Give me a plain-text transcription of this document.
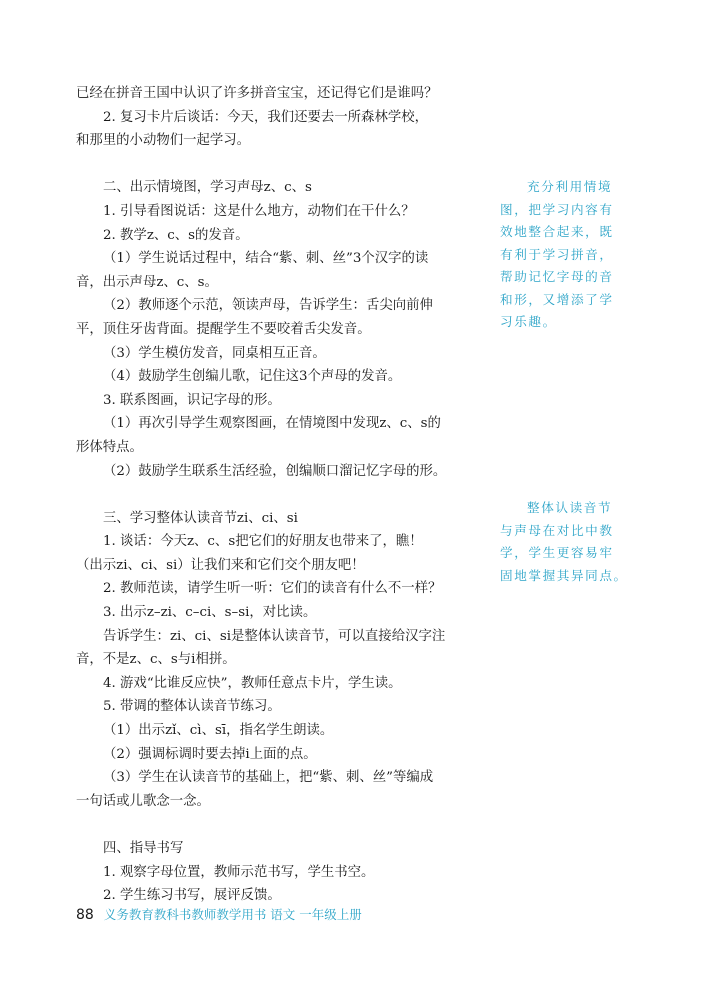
已经在拼音王国中认识了许多拼音宝宝，还记得它们是谁吗？

2. 复习卡片后谈话：今天，我们还要去一所森林学校，

和那里的小动物们一起学习。

二、出示情境图，学习声母z、c、s

1. 引导看图说话：这是什么地方，动物们在干什么？

2. 教学z、c、s的发音。

（1）学生说话过程中，结合“紫、刺、丝”3个汉字的读

音，出示声母z、c、s。

（2）教师逐个示范，领读声母，告诉学生：舌尖向前伸

平，顶住牙齿背面。提醒学生不要咬着舌尖发音。

（3）学生模仿发音，同桌相互正音。

（4）鼓励学生创编儿歌，记住这3个声母的发音。

3. 联系图画，识记字母的形。

（1）再次引导学生观察图画，在情境图中发现z、c、s的

形体特点。

（2）鼓励学生联系生活经验，创编顺口溜记忆字母的形。

三、学习整体认读音节zi、ci、si

1. 谈话：今天z、c、s把它们的好朋友也带来了，瞧！

（出示zi、ci、si）让我们来和它们交个朋友吧！

2. 教师范读，请学生听一听：它们的读音有什么不一样？

3. 出示z–zi、c–ci、s–si，对比读。

告诉学生：zi、ci、si是整体认读音节，可以直接给汉字注

音，不是z、c、s与i相拼。

4. 游戏“比谁反应快”，教师任意点卡片，学生读。

5. 带调的整体认读音节练习。

（1）出示zǐ、cì、sī，指名学生朗读。

（2）强调标调时要去掉i上面的点。

（3）学生在认读音节的基础上，把“紫、刺、丝”等编成

一句话或儿歌念一念。

四、指导书写

1. 观察字母位置，教师示范书写，学生书空。

2. 学生练习书写，展评反馈。

充分利用情境

图，把学习内容有

效地整合起来，既

有利于学习拼音，

帮助记忆字母的音

和形，又增添了学

习乐趣。

整体认读音节

与声母在对比中教

学，学生更容易牢

固地掌握其异同点。

88 义务教育教科书教师教学用书 语文 一年级上册
